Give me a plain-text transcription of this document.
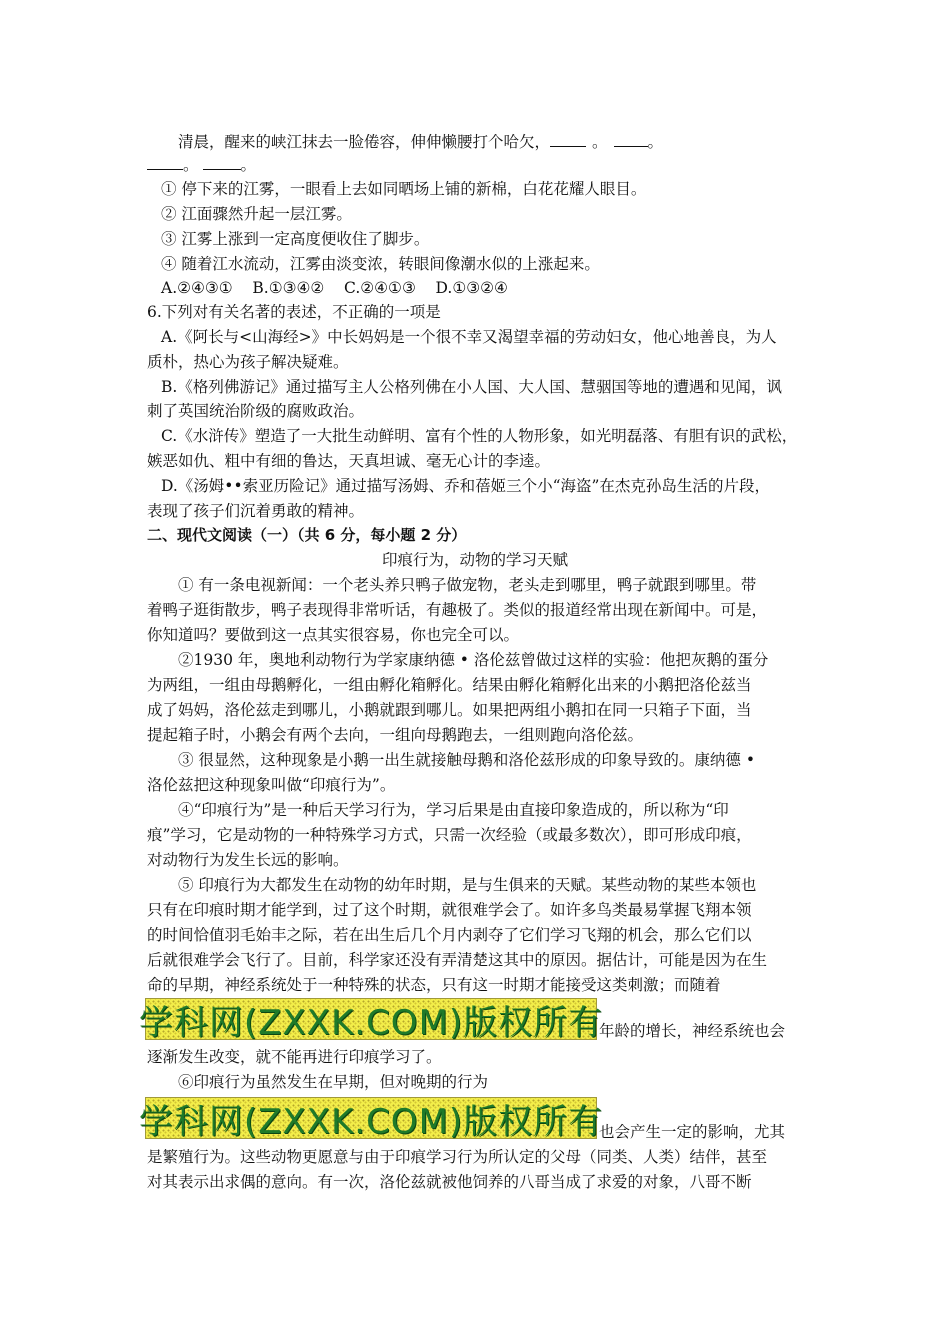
清晨，醒来的峡江抹去一脸倦容，伸伸懒腰打个哈欠，	。	。
。	。
① 停下来的江雾，一眼看上去如同晒场上铺的新棉，白花花耀人眼目。
② 江面骤然升起一层江雾。
③ 江雾上涨到一定高度便收住了脚步。
④ 随着江水流动，江雾由淡变浓，转眼间像潮水似的上涨起来。
A.②④③①    B.①③④②    C.②④①③    D.①③②④
6.下列对有关名著的表述，不正确的一项是
A.《阿长与<山海经>》中长妈妈是一个很不幸又渴望幸福的劳动妇女，他心地善良，为人
质朴，热心为孩子解决疑难。
B.《格列佛游记》通过描写主人公格列佛在小人国、大人国、慧骃国等地的遭遇和见闻，讽
刺了英国统治阶级的腐败政治。
C.《水浒传》塑造了一大批生动鲜明、富有个性的人物形象，如光明磊落、有胆有识的武松，
嫉恶如仇、粗中有细的鲁达，天真坦诚、毫无心计的李逵。
D.《汤姆••索亚历险记》通过描写汤姆、乔和蓓姬三个小“海盗”在杰克孙岛生活的片段，
表现了孩子们沉着勇敢的精神。
二、现代文阅读（一）（共 6 分，每小题 2 分）
印痕行为，动物的学习天赋
① 有一条电视新闻：一个老头养只鸭子做宠物，老头走到哪里，鸭子就跟到哪里。带
着鸭子逛街散步，鸭子表现得非常听话，有趣极了。类似的报道经常出现在新闻中。可是，
你知道吗？要做到这一点其实很容易，你也完全可以。
②1930 年，奥地利动物行为学家康纳德 • 洛伦兹曾做过这样的实验：他把灰鹅的蛋分
为两组，一组由母鹅孵化，一组由孵化箱孵化。结果由孵化箱孵化出来的小鹅把洛伦兹当
成了妈妈，洛伦兹走到哪儿，小鹅就跟到哪儿。如果把两组小鹅扣在同一只箱子下面，当
提起箱子时，小鹅会有两个去向，一组向母鹅跑去，一组则跑向洛伦兹。
③ 很显然，这种现象是小鹅一出生就接触母鹅和洛伦兹形成的印象导致的。康纳德 •
洛伦兹把这种现象叫做“印痕行为”。
④“印痕行为”是一种后天学习行为，学习后果是由直接印象造成的，所以称为“印
痕”学习，它是动物的一种特殊学习方式，只需一次经验（或最多数次），即可形成印痕，
对动物行为发生长远的影响。
⑤ 印痕行为大都发生在动物的幼年时期，是与生俱来的天赋。某些动物的某些本领也
只有在印痕时期才能学到，过了这个时期，就很难学会了。如许多鸟类最易掌握飞翔本领
的时间恰值羽毛始丰之际，若在出生后几个月内剥夺了它们学习飞翔的机会，那么它们以
后就很难学会飞行了。目前，科学家还没有弄清楚这其中的原因。据估计，可能是因为在生
命的早期，神经系统处于一种特殊的状态，只有这一时期才能接受这类刺激；而随着
学科网(ZXXK.COM)版权所有
年龄的增长，神经系统也会
逐渐发生改变，就不能再进行印痕学习了。
⑥印痕行为虽然发生在早期，但对晚期的行为
学科网(ZXXK.COM)版权所有
也会产生一定的影响，尤其
是繁殖行为。这些动物更愿意与由于印痕学习行为所认定的父母（同类、人类）结伴，甚至
对其表示出求偶的意向。有一次，洛伦兹就被他饲养的八哥当成了求爱的对象，八哥不断
